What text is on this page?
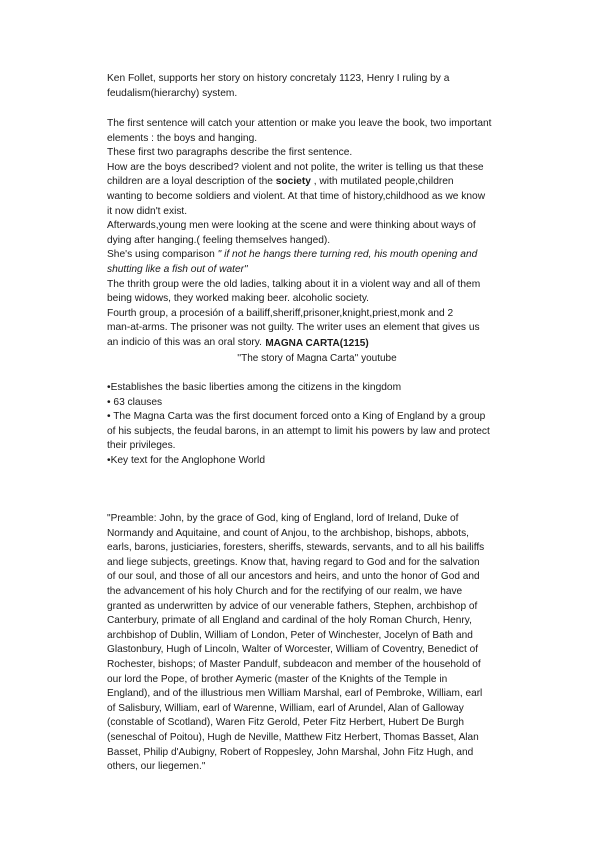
Ken Follet, supports her story on history concretaly 1123, Henry I ruling by a
feudalism(hierarchy) system.
The first sentence will catch your attention or make you leave the book, two important
elements : the boys and hanging.
These first two paragraphs describe the first sentence.
How are the boys described? violent and not polite, the writer is telling us that these
children are a loyal description of the society , with mutilated people,children
wanting to become soldiers and violent. At that time of history,childhood as we know
it now didn't exist.
Afterwards,young men were looking at the scene and were thinking about ways of
dying after hanging.( feeling themselves hanged).
She's using comparison " if not he hangs there turning red, his mouth opening and
shutting like a fish out of water"
The thrith group were the old ladies, talking about it in a violent way and all of them
being widows, they worked making beer. alcoholic society.
Fourth group, a procesión of a bailiff,sheriff,prisoner,knight,priest,monk and 2
man-at-arms. The prisoner was not guilty. The writer uses an element that gives us
an indicio of this was an oral story. MAGNA CARTA(1215)
''The story of Magna Carta'' youtube
•Establishes the basic liberties among the citizens in the kingdom
• 63 clauses
• The Magna Carta was the first document forced onto a King of England by a group
of his subjects, the feudal barons, in an attempt to limit his powers by law and protect
their privileges.
•Key text for the Anglophone World
"Preamble: John, by the grace of God, king of England, lord of Ireland, Duke of
Normandy and Aquitaine, and count of Anjou, to the archbishop, bishops, abbots,
earls, barons, justiciaries, foresters, sheriffs, stewards, servants, and to all his bailiffs
and liege subjects, greetings. Know that, having regard to God and for the salvation
of our soul, and those of all our ancestors and heirs, and unto the honor of God and
the advancement of his holy Church and for the rectifying of our realm, we have
granted as underwritten by advice of our venerable fathers, Stephen, archbishop of
Canterbury, primate of all England and cardinal of the holy Roman Church, Henry,
archbishop of Dublin, William of London, Peter of Winchester, Jocelyn of Bath and
Glastonbury, Hugh of Lincoln, Walter of Worcester, William of Coventry, Benedict of
Rochester, bishops; of Master Pandulf, subdeacon and member of the household of
our lord the Pope, of brother Aymeric (master of the Knights of the Temple in
England), and of the illustrious men William Marshal, earl of Pembroke, William, earl
of Salisbury, William, earl of Warenne, William, earl of Arundel, Alan of Galloway
(constable of Scotland), Waren Fitz Gerold, Peter Fitz Herbert, Hubert De Burgh
(seneschal of Poitou), Hugh de Neville, Matthew Fitz Herbert, Thomas Basset, Alan
Basset, Philip d'Aubigny, Robert of Roppesley, John Marshal, John Fitz Hugh, and
others, our liegemen."
